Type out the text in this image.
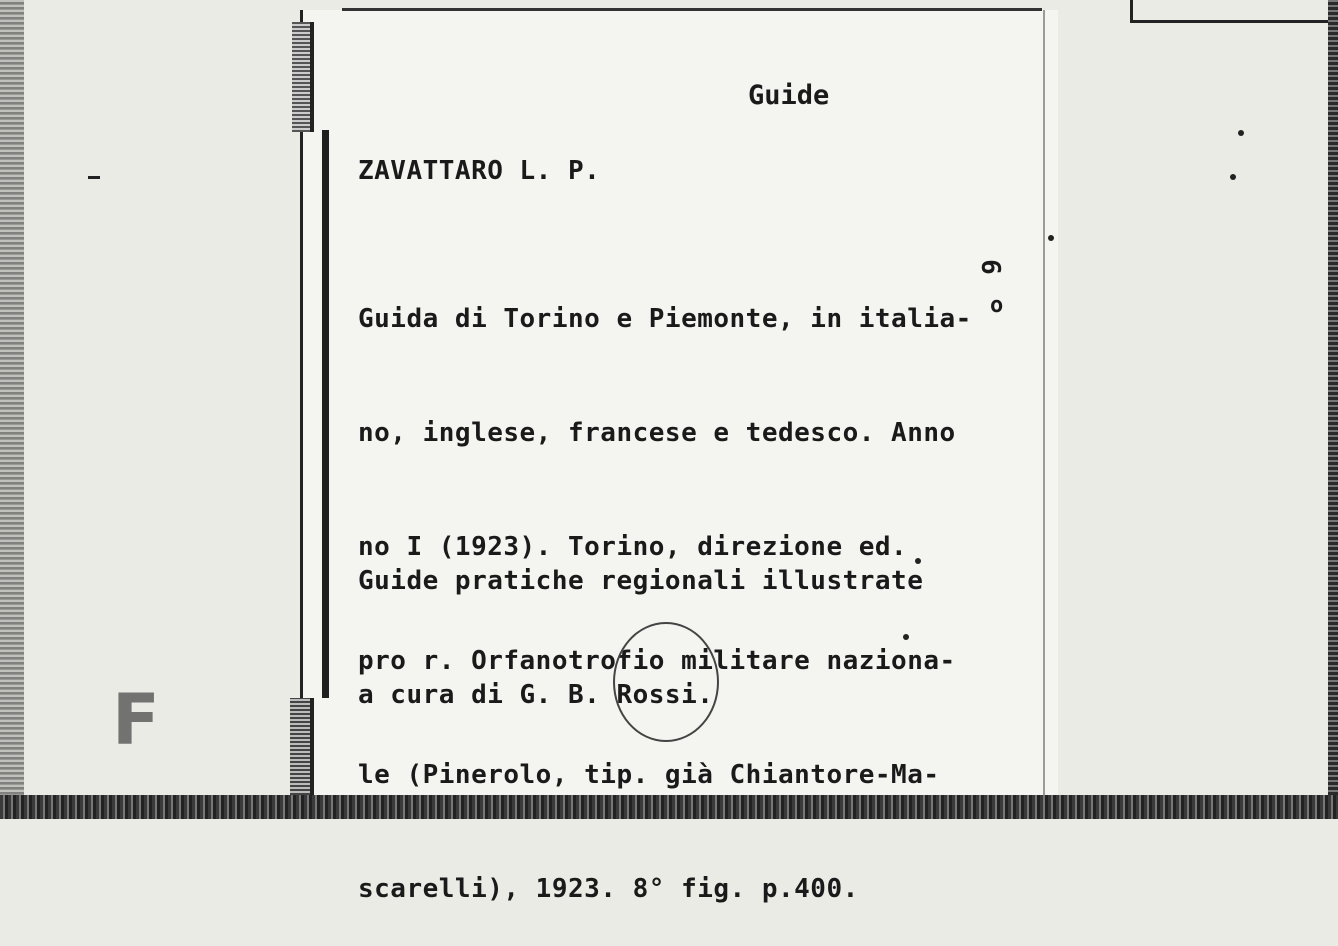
Guide
ZAVATTARO L. P.

Guida di Torino e Piemonte, in italia-

no, inglese, francese e tedesco. Anno

no I (1923). Torino, direzione ed.

pro r. Orfanotrofio militare naziona-

le (Pinerolo, tip. già Chiantore-Ma-

scarelli), 1923. 8° fig. p.400.

6
o

Guide pratiche regionali illustrate

a cura di G. B. Rossi.

F
